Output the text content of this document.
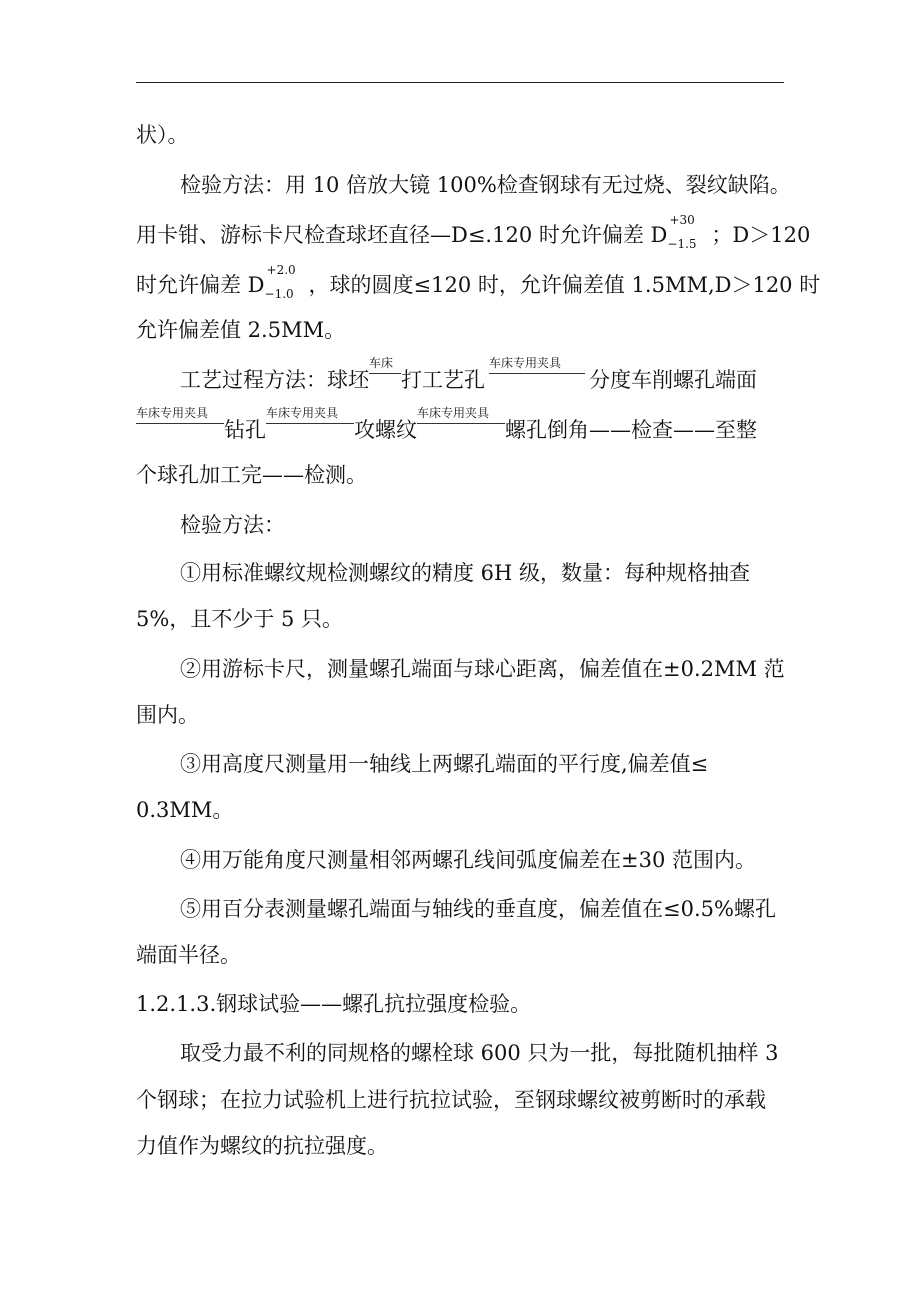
状）。
检验方法：用 10 倍放大镜 100%检查钢球有无过烧、裂纹缺陷。
用卡钳、游标卡尺检查球坯直径—D≤.120 时允许偏差 D
+30
−1.5 ；D＞120
时允许偏差 D
+2.0
−1.0 ，球的圆度≤120 时，允许偏差值 1.5MM,D＞120 时
允许偏差值 2.5MM。
工艺过程方法：球坯
车床
打工艺孔
车床专用夹具
分度车削螺孔端面
车床专用夹具
钻孔
车床专用夹具
攻螺纹
车床专用夹具
螺孔倒角——检查——至整
个球孔加工完——检测。
检验方法：
①用标准螺纹规检测螺纹的精度 6H 级，数量：每种规格抽查
5%，且不少于 5 只。
②用游标卡尺，测量螺孔端面与球心距离，偏差值在±0.2MM 范
围内。
③用高度尺测量用一轴线上两螺孔端面的平行度,偏差值≤
0.3MM。
④用万能角度尺测量相邻两螺孔线间弧度偏差在±30 范围内。
⑤用百分表测量螺孔端面与轴线的垂直度，偏差值在≤0.5%螺孔
端面半径。
1.2.1.3.钢球试验——螺孔抗拉强度检验。
取受力最不利的同规格的螺栓球 600 只为一批，每批随机抽样 3
个钢球；在拉力试验机上进行抗拉试验，至钢球螺纹被剪断时的承载
力值作为螺纹的抗拉强度。
